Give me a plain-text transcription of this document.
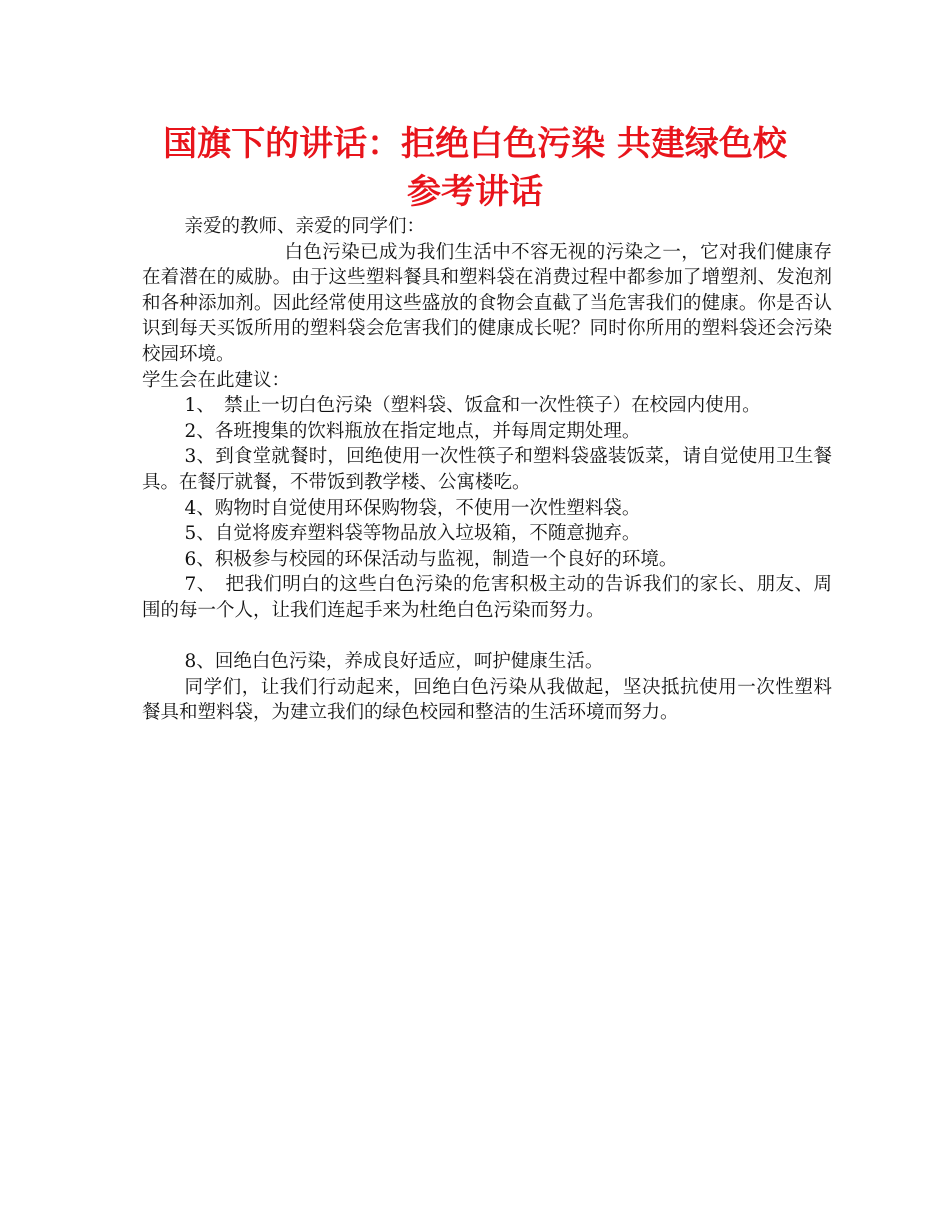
国旗下的讲话：拒绝白色污染 共建绿色校
参考讲话

亲爱的教师、亲爱的同学们：

白色污染已成为我们生活中不容无视的污染之一，它对我们健康存在着潜在的威胁。由于这些塑料餐具和塑料袋在消费过程中都参加了增塑剂、发泡剂和各种添加剂。因此经常使用这些盛放的食物会直截了当危害我们的健康。你是否认识到每天买饭所用的塑料袋会危害我们的健康成长呢？同时你所用的塑料袋还会污染校园环境。

学生会在此建议：

1、　禁止一切白色污染（塑料袋、饭盒和一次性筷子）在校园内使用。

2、各班搜集的饮料瓶放在指定地点，并每周定期处理。

3、到食堂就餐时，回绝使用一次性筷子和塑料袋盛装饭菜，请自觉使用卫生餐具。在餐厅就餐，不带饭到教学楼、公寓楼吃。

4、购物时自觉使用环保购物袋，不使用一次性塑料袋。

5、自觉将废弃塑料袋等物品放入垃圾箱，不随意抛弃。

6、积极参与校园的环保活动与监视，制造一个良好的环境。

7、　把我们明白的这些白色污染的危害积极主动的告诉我们的家长、朋友、周围的每一个人，让我们连起手来为杜绝白色污染而努力。

8、回绝白色污染，养成良好适应，呵护健康生活。

同学们，让我们行动起来，回绝白色污染从我做起，坚决抵抗使用一次性塑料餐具和塑料袋，为建立我们的绿色校园和整洁的生活环境而努力。
